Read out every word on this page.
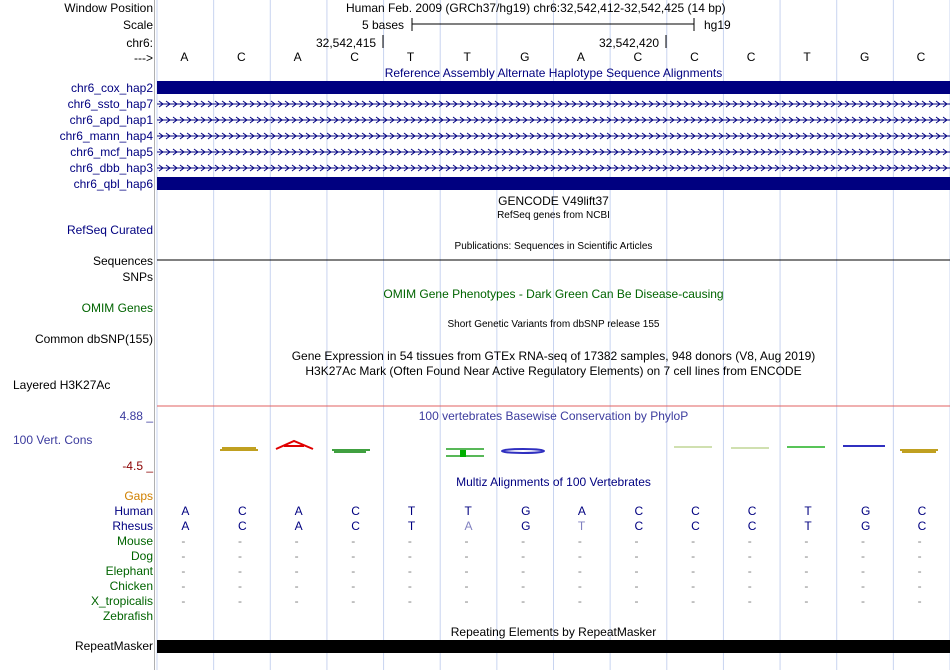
Window Position	Human Feb. 2009 (GRCh37/hg19) chr6:32,542,412-32,542,425 (14 bp)
Scale	5 bases	hg19
chr6:	32,542,415	32,542,420
---> A	C	A	C	T	T	G	A	C	C	C	T	G	C
Reference Assembly Alternate Haplotype Sequence Alignments
chr6_cox_hap2
chr6_ssto_hap7
chr6_apd_hap1
chr6_mann_hap4
chr6_mcf_hap5
chr6_dbb_hap3
chr6_qbl_hap6
GENCODE V49lift37
RefSeq genes from NCBI
RefSeq Curated
Publications: Sequences in Scientific Articles
Sequences
SNPs
OMIM Genes
OMIM Gene Phenotypes - Dark Green Can Be Disease-causing
Short Genetic Variants from dbSNP release 155
Common dbSNP(155)
Gene Expression in 54 tissues from GTEx RNA-seq of 17382 samples, 948 donors (V8, Aug 2019)
H3K27Ac Mark (Often Found Near Active Regulatory Elements) on 7 cell lines from ENCODE
Layered H3K27Ac
4.88 _	100 vertebrates Basewise Conservation by PhyloP
100 Vert. Cons
-4.5 _
Multiz Alignments of 100 Vertebrates
Gaps
Human A	C	A	C	T	T	G	A	C	C	C	T	G	C
Rhesus A	C	A	C	T	A	G	T	C	C	C	T	G	C
Mouse -	-	-	-	-	-	-	-	-	-	-	-	-	-
Dog -	-	-	-	-	-	-	-	-	-	-	-	-	-
Elephant -	-	-	-	-	-	-	-	-	-	-	-	-	-
Chicken -	-	-	-	-	-	-	-	-	-	-	-	-	-
X_tropicalis -	-	-	-	-	-	-	-	-	-	-	-	-	-
Zebrafish
Repeating Elements by RepeatMasker
RepeatMasker
